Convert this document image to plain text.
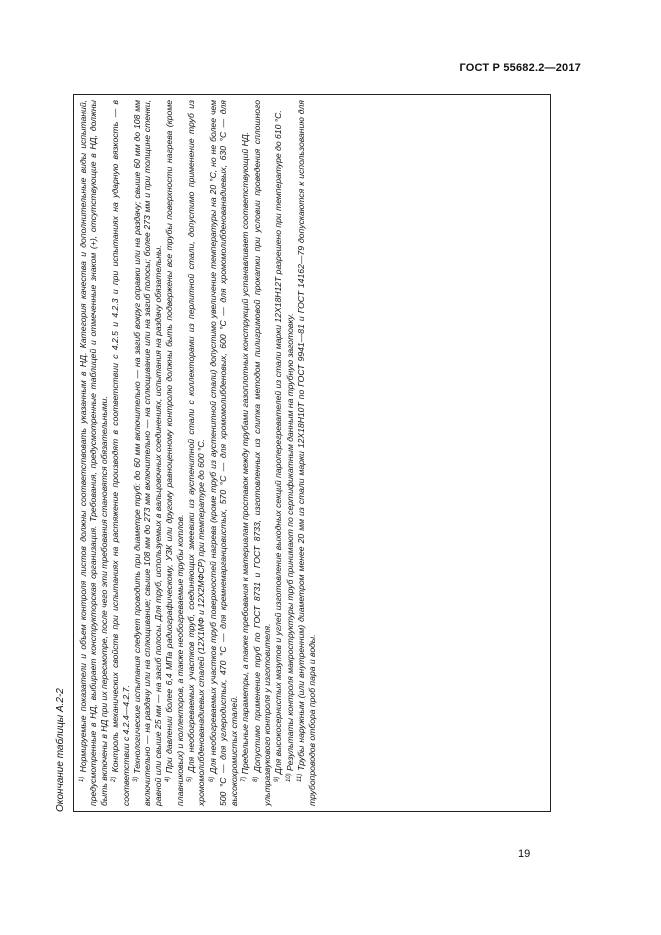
ГОСТ Р 55682.2—2017
Окончание таблицы А.2-2	$^{1)}$ Нормируемые показатели и объем контроля листов должны соответствовать указанным в НД. Категория качества и дополнительные виды испытаний, предусмотренные в НД, выбирает конструкторская организация. Требования, предусмотренные таблицей и отмеченные знаком (+), отсутствующие в НД, должны быть включены в НД при их пересмотре, после чего эти требования становятся обязательными. $^{2)}$ Контроль механических свойств при испытаниях на растяжение производят в соответствии с 4.2.5 и 4.2.3 и при испытаниях на ударную вязкость — в соответствии с 4.2.4—4.2.7. $^{3)}$ Технологические испытания следует проводить при диаметре труб: до 60 мм включительно — на загиб вокруг оправки или на раздачу; свыше 60 мм до 108 мм включительно — на раздачу или на сплющивание; свыше 108 мм до 273 мм включительно — на сплющивание или на загиб полосы; более 273 мм и при толщине стенки, равной или свыше 25 мм — на загиб полосы. Для труб, используемых в вальцовочных соединениях, испытания на раздачу обязательны. $^{4)}$ При давлении более 6,4 МПа радиографическому, УЗК или другому равноценному контролю должны быть подвержены все трубы поверхности нагрева (кроме плавниковых) и коллекторов, а также необогреваемые трубы котлов. $^{5)}$ Для необогреваемых участков труб, соединяющих змеевики из аустенитной стали с коллекторами из перлитной стали, допустимо применение труб из хромомолибденованадиевых сталей (12Х1МФ и 12Х2МФСР) при температуре до 600 °С. $^{6)}$ Для необогреваемых участков труб поверхностей нагрева (кроме труб из аустенитной стали) допустимо увеличение температуры на 20 °С, но не более чем 500 °С — для углеродистых, 470 °С — для кремнемарганцовистых, 570 °С — для хромомолибденовых, 600 °С — для хромомолибденованадиевых, 630 °С — для высокохромистых сталей. $^{7)}$ Предельные параметры, а также требования к материалам проставок между трубами газоплотных конструкций устанавливает соответствующий НД.

$^{8)}$ Допустимо применение труб по ГОСТ 8731 и ГОСТ 8733, изготовленных из слитка методом пилигримовой прокатки при условии проведения сплошного ультразвукового контроля у изготовителя. $^{9)}$ Для высокосернистых мазутов и углей изготовление выходных секций пароперегревателей из стали марки 12Х18Н12Т разрешено при температуре до 610 °С.

$^{10)}$ Результаты контроля макроструктуры труб принимают по сертификатным данным на трубную заготовку.

$^{11)}$ Трубы наружным (или внутренним) диаметром менее 20 мм из стали марки 12Х18Н10Т по ГОСТ 9941—81 и ГОСТ 14162—79 допускаются к использованию для трубопроводов отбора проб пара и воды.

19
